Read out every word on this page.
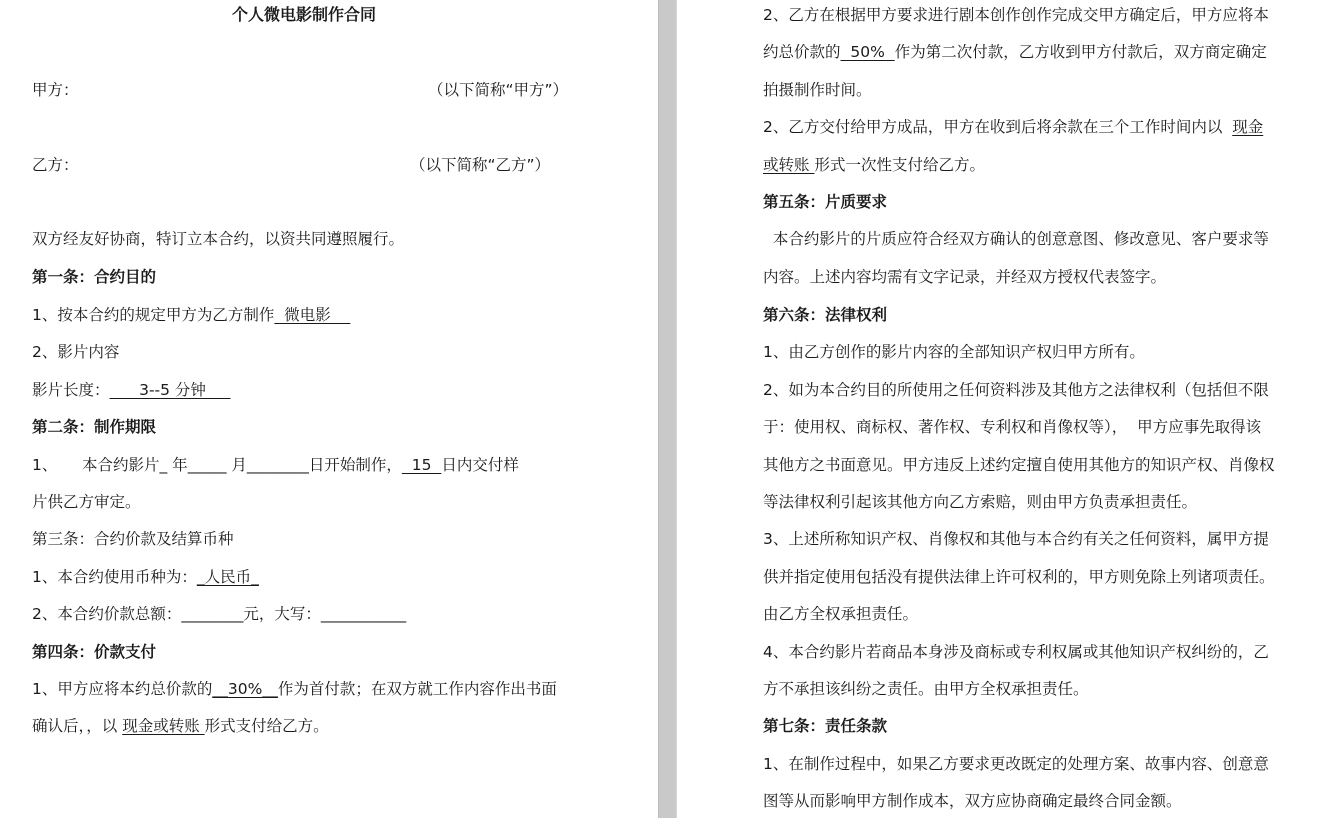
个人微电影制作合同
甲方：	（以下简称“甲方”）
乙方：	（以下简称“乙方”）
双方经友好协商，特订立本合约，以资共同遵照履行。
第一条：合约目的
1、按本合约的规定甲方为乙方制作  微电影
2、影片内容
影片长度：      3--5 分钟
第二条：制作期限
1、     本合约影片_ 年_____ 月________日开始制作，  15  日内交付样
片供乙方审定。
第三条：合约价款及结算币种
1、本合约使用币种为：_人民币_
2、本合约价款总额：________元，大写：___________
第四条：价款支付
1、甲方应将本约总价款的__30%__作为首付款；在双方就工作内容作出书面
确认后，，以 现金或转账 形式支付给乙方。
2、乙方在根据甲方要求进行剧本创作创作完成交甲方确定后，甲方应将本
约总价款的  50%  作为第二次付款，乙方收到甲方付款后，双方商定确定
拍摄制作时间。
2、乙方交付给甲方成品，甲方在收到后将余款在三个工作时间内以  现金
或转账 形式一次性支付给乙方。
第五条：片质要求
本合约影片的片质应符合经双方确认的创意意图、修改意见、客户要求等
内容。上述内容均需有文字记录，并经双方授权代表签字。
第六条：法律权利
1、由乙方创作的影片内容的全部知识产权归甲方所有。
2、如为本合约目的所使用之任何资料涉及其他方之法律权利（包括但不限
于：使用权、商标权、著作权、专利权和肖像权等），  甲方应事先取得该
其他方之书面意见。甲方违反上述约定擅自使用其他方的知识产权、肖像权
等法律权利引起该其他方向乙方索赔，则由甲方负责承担责任。
3、上述所称知识产权、肖像权和其他与本合约有关之任何资料，属甲方提
供并指定使用包括没有提供法律上许可权利的，甲方则免除上列诸项责任。
由乙方全权承担责任。
4、本合约影片若商品本身涉及商标或专利权属或其他知识产权纠纷的，乙
方不承担该纠纷之责任。由甲方全权承担责任。
第七条：责任条款
1、在制作过程中，如果乙方要求更改既定的处理方案、故事内容、创意意
图等从而影响甲方制作成本，双方应协商确定最终合同金额。
